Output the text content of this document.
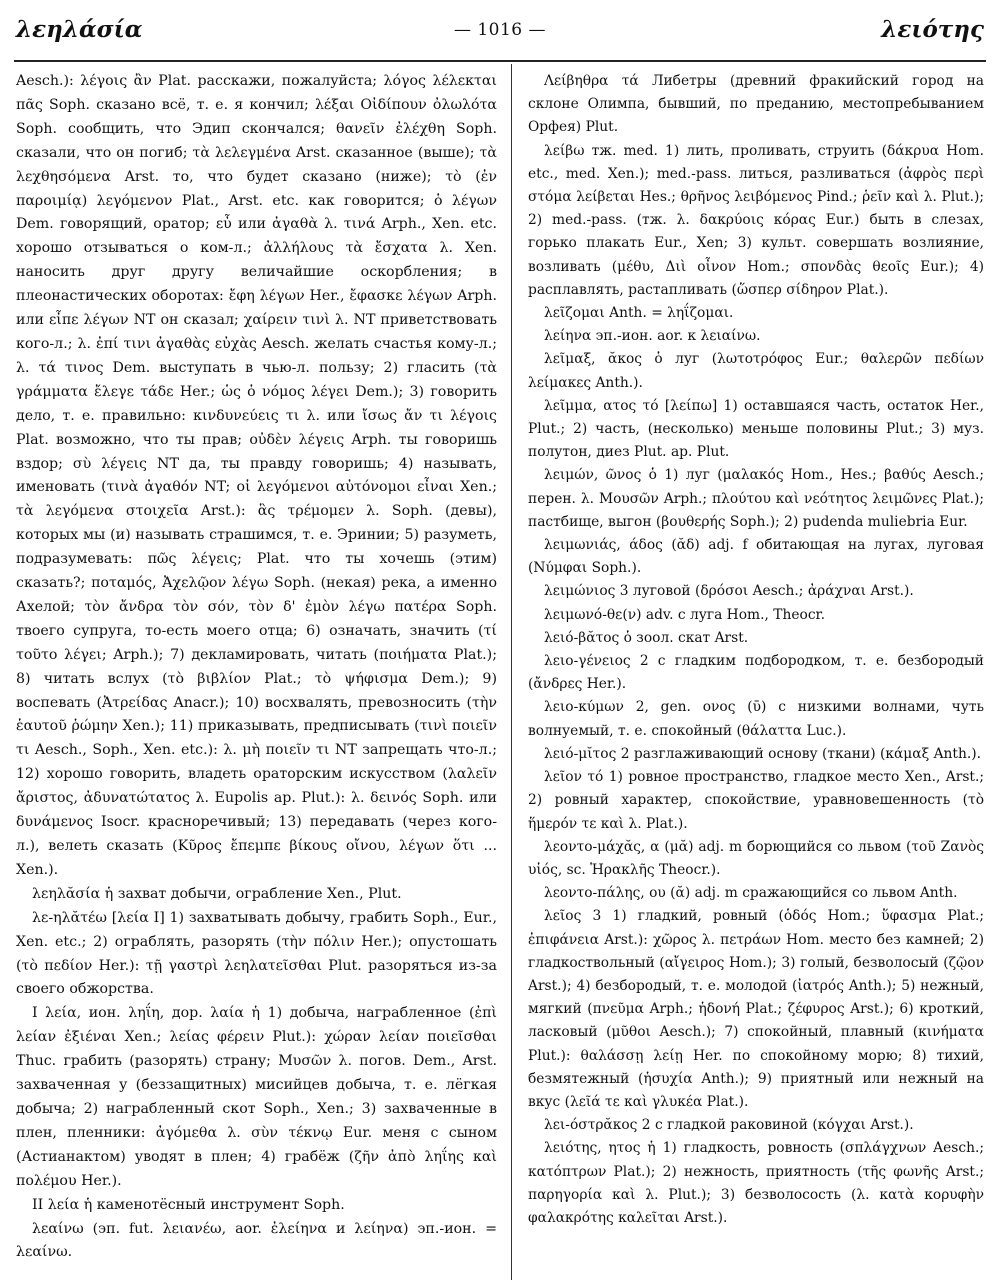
λεηλάσία	— 1016 —	λειότης

Aesch.): λέγοις ἂν Plat. расскажи, пожалуйста; λόγος λέλεκται πᾶς Soph. сказано всё, т. е. я кончил; λέξαι Οἰδίπουν ὀλωλότα Soph. сообщить, что Эдип скончался; θανεῖν ἐλέχθη Soph. сказали, что он погиб; τὰ λελεγμένα Arst. сказанное (выше); τὰ λεχθησόμενα Arst. то, что будет сказано (ниже); τὸ (ἐν παροιμίᾳ) λεγόμενον Plat., Arst. etc. как говорится; ὁ λέγων Dem. говорящий, оратор; εὖ или ἀγαθὰ λ. τινά Arph., Xen. etc. хорошо отзываться о ком-л.; ἀλλήλους τὰ ἔσχατα λ. Xen. наносить друг другу величайшие оскорбления; в плеонастических оборотах: ἔφη λέγων Her., ἔφασκε λέγων Arph. или εἶπε λέγων NT он сказал; χαίρειν τινὶ λ. NT приветствовать кого-л.; λ. ἐπί τινι ἀγαθὰς εὐχὰς Aesch. желать счастья кому-л.; λ. τά τινος Dem. выступать в чью-л. пользу; 2) гласить (τὰ γράμματα ἔλεγε τάδε Her.; ὡς ὁ νόμος λέγει Dem.); 3) говорить дело, т. е. правильно: κινδυνεύεις τι λ. или ἴσως ἄν τι λέγοις Plat. возможно, что ты прав; οὐδὲν λέγεις Arph. ты говоришь вздор; σὺ λέγεις NT да, ты правду говоришь; 4) называть, именовать (τινὰ ἀγαθόν NT; οἱ λεγόμενοι αὐτόνομοι εἶναι Xen.; τὰ λεγόμενα στοιχεῖα Arst.): ἃς τρέμομεν λ. Soph. (девы), которых мы (и) называть страшимся, т. е. Эринии; 5) разуметь, подразумевать: πῶς λέγεις; Plat. что ты хочешь (этим) сказать?; ποταμός, Ἀχελῷον λέγω Soph. (некая) река, а именно Ахелой; τὸν ἄνδρα τὸν σόν, τὸν δ' ἐμὸν λέγω πατέρα Soph. твоего супруга, то-есть моего отца; 6) означать, значить (τί τοῦτο λέγει; Arph.); 7) декламировать, читать (ποιήματα Plat.); 8) читать вслух (τὸ βιβλίον Plat.; τὸ ψήφισμα Dem.); 9) воспевать (Ἀτρείδας Anacr.); 10) восхвалять, превозносить (τὴν ἑαυτοῦ ῥώμην Xen.); 11) приказывать, предписывать (τινὶ ποιεῖν τι Aesch., Soph., Xen. etc.): λ. μὴ ποιεῖν τι NT запрещать что-л.; 12) хорошо говорить, владеть ораторским искусством (λαλεῖν ἄριστος, ἀδυνατώτατος λ. Eupolis ap. Plut.): λ. δεινός Soph. или δυνάμενος Isocr. красноречивый; 13) передавать (через кого-л.), велеть сказать (Κῦρος ἔπεμπε βίκους οἴνου, λέγων ὅτι ... Xen.).

λεηλᾰσία ἡ захват добычи, ограбление Xen., Plut.

λε-ηλᾰτέω [λεία I] 1) захватывать добычу, грабить Soph., Eur., Xen. etc.; 2) ограблять, разорять (τὴν πόλιν Her.); опустошать (τὸ πεδίον Her.): τῇ γαστρὶ λεηλατεῖσθαι Plut. разоряться из-за своего обжорства.

I λεία, ион. ληΐη, дор. λαία ἡ 1) добыча, награбленное (ἐπὶ λείαν ἐξιέναι Xen.; λείας φέρειν Plut.): χώραν λείαν ποιεῖσθαι Thuc. грабить (разорять) страну; Μυσῶν λ. погов. Dem., Arst. захваченная у (беззащитных) мисийцев добыча, т. е. лёгкая добыча; 2) награбленный скот Soph., Xen.; 3) захваченные в плен, пленники: ἀγόμεθα λ. σὺν τέκνῳ Eur. меня с сыном (Астианактом) уводят в плен; 4) грабёж (ζῆν ἀπὸ ληΐης καὶ πολέμου Her.).

II λεία ἡ каменотёсный инструмент Soph.

λεαίνω (эп. fut. λειανέω, aor. ἐλείηνα и λείηνα) эп.-ион. = λεαίνω.

Λείβηθρα τά Либетры (древний фракийский город на склоне Олимпа, бывший, по преданию, местопребыванием Орфея) Plut.

λείβω тж. med. 1) лить, проливать, струить (δάκρυα Hom. etc., med. Xen.); med.-pass. литься, разливаться (ἀφρὸς περὶ στόμα λείβεται Hes.; θρῆνος λειβόμενος Pind.; ῥεῖν καὶ λ. Plut.); 2) med.-pass. (тж. λ. δακρύοις κόρας Eur.) быть в слезах, горько плакать Eur., Xen; 3) культ. совершать возлияние, возливать (μέθυ, Διὶ οἶνον Hom.; σπονδὰς θεοῖς Eur.); 4) расплавлять, растапливать (ὥσπερ σίδηρον Plat.).

λεῖζομαι Anth. = ληΐζομαι.

λείηνα эп.-ион. aor. к λειαίνω.

λεῖμαξ, ᾰκος ὁ луг (λωτοτρόφος Eur.; θαλερῶν πεδίων λείμακες Anth.).

λεῖμμα, ατος τό [λείπω] 1) оставшаяся часть, остаток Her., Plut.; 2) часть, (несколько) меньше половины Plut.; 3) муз. полутон, диез Plut. ap. Plut.

λειμών, ῶνος ὁ 1) луг (μαλακός Hom., Hes.; βαθύς Aesch.; перен. λ. Μουσῶν Arph.; πλούτου καὶ νεότητος λειμῶνες Plat.); пастбище, выгон (βουθερής Soph.); 2) pudenda muliebria Eur.

λειμωνιάς, άδος (ᾰδ) adj. f обитающая на лугах, луговая (Νύμφαι Soph.).

λειμώνιος 3 луговой (δρόσοι Aesch.; ἀράχναι Arst.).

λειμωνό-θε(ν) adv. с луга Hom., Theocr.

λειό-βᾰτος ὁ зоол. скат Arst.

λειο-γένειος 2 с гладким подбородком, т. е. безбородый (ἄνδρες Her.).

λειο-κύμων 2, gen. ονος (ῡ) с низкими волнами, чуть волнуемый, т. е. спокойный (θάλαττα Luc.).

λειό-μῐτος 2 разглаживающий основу (ткани) (κάμαξ Anth.).

λεῖον τό 1) ровное пространство, гладкое место Xen., Arst.; 2) ровный характер, спокойствие, уравновешенность (τὸ ἥμερόν τε καὶ λ. Plat.).

λεοντο-μάχᾰς, α (μᾰ) adj. m борющийся со львом (τοῦ Ζανὸς υἱός, sc. Ἡρακλῆς Theocr.).

λεοντο-πάλης, ου (ᾰ) adj. m сражающийся со львом Anth.

λεῖος 3 1) гладкий, ровный (ὁδός Hom.; ὕφασμα Plat.; ἐπιφάνεια Arst.): χῶρος λ. πετράων Hom. место без камней; 2) гладкоствольный (αἴγειρος Hom.); 3) голый, безволосый (ζῷον Arst.); 4) безбородый, т. е. молодой (ἰατρός Anth.); 5) нежный, мягкий (πνεῦμα Arph.; ἡδονή Plat.; ζέφυρος Arst.); 6) кроткий, ласковый (μῦθοι Aesch.); 7) спокойный, плавный (κινήματα Plut.): θαλάσσῃ λείῃ Her. по спокойному морю; 8) тихий, безмятежный (ἡσυχία Anth.); 9) приятный или нежный на вкус (λεῖά τε καὶ γλυκέα Plat.).

λει-όστρᾰκος 2 с гладкой раковиной (κόγχαι Arst.).

λειότης, ητος ἡ 1) гладкость, ровность (σπλάγχνων Aesch.; κατόπτρων Plat.); 2) нежность, приятность (τῆς φωνῆς Arst.; παρηγορία καὶ λ. Plut.); 3) безволосость (λ. κατὰ κορυφὴν φαλακρότης καλεῖται Arst.).
